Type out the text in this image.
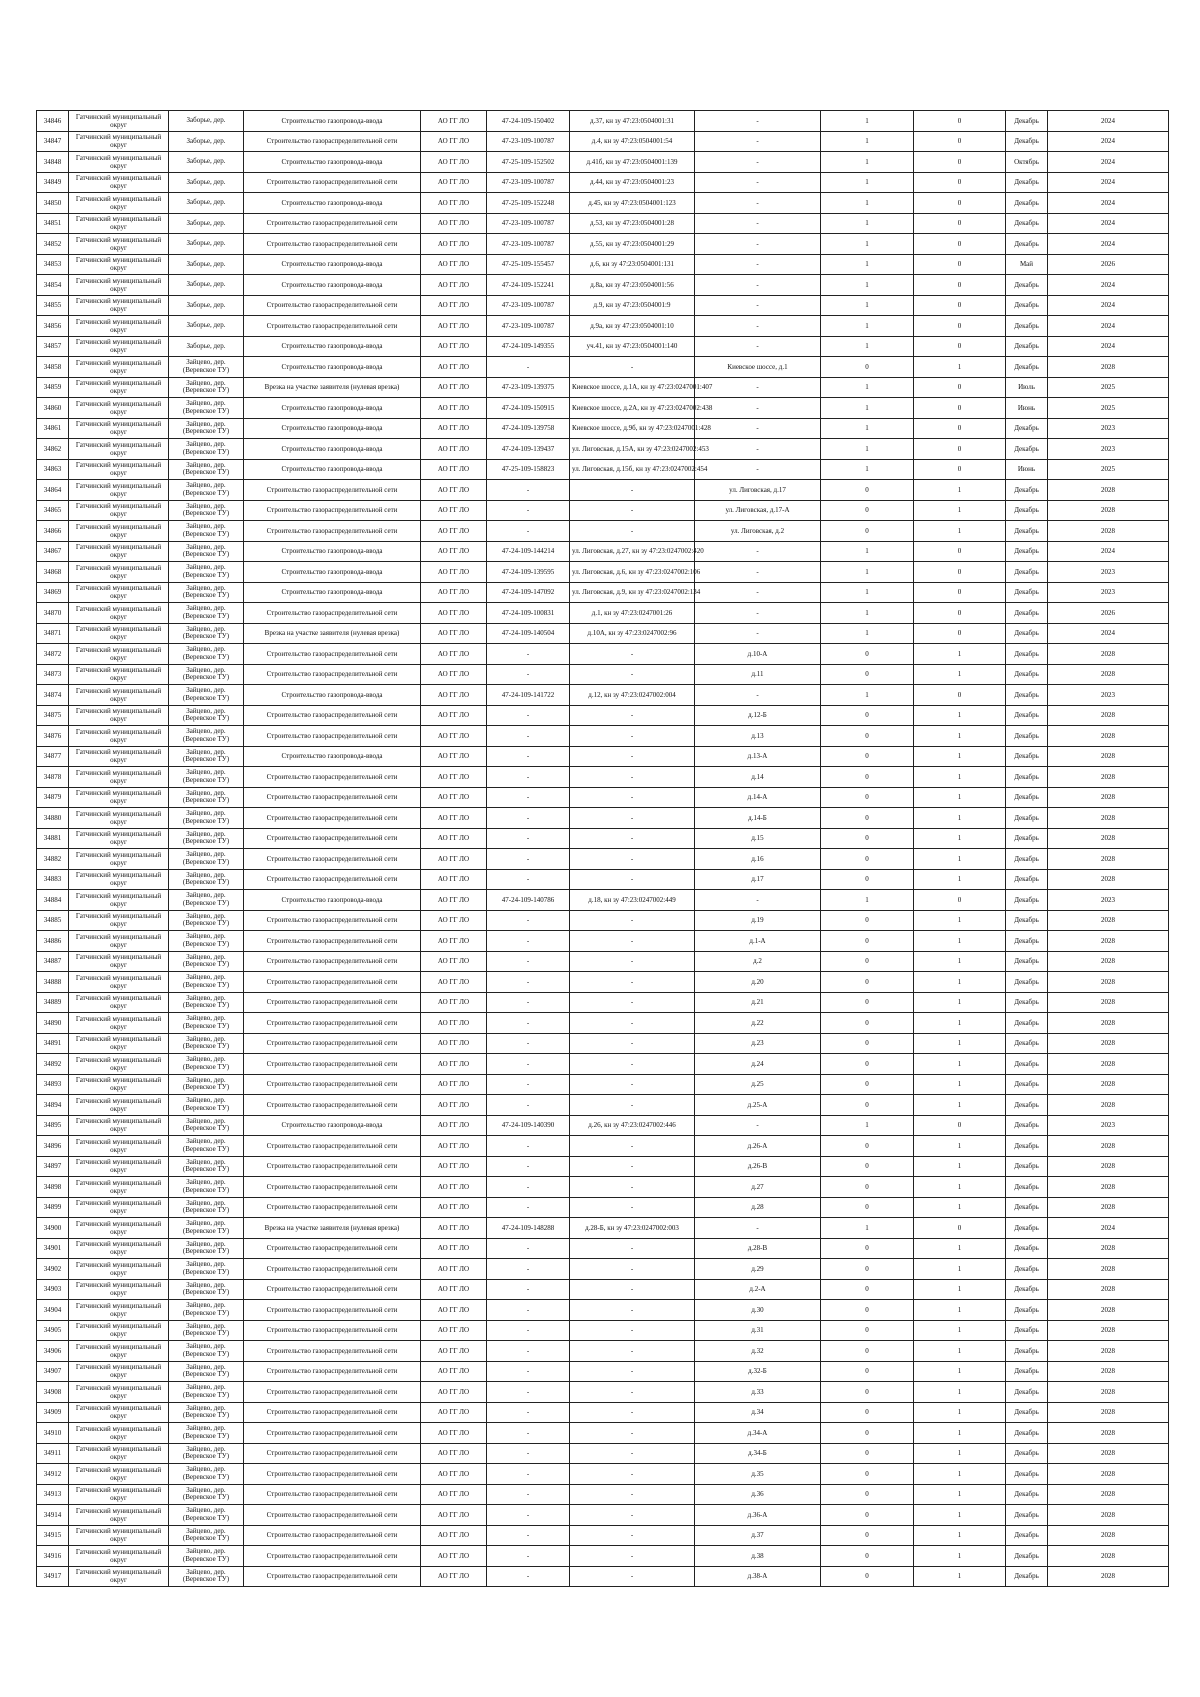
34846	Гатчинский муниципальный округ	Заборье, дер.	Строительство газопровода-ввода	АО ГГ ЛО	47-24-109-150402	д.37, кн зу 47:23:0504001:31	-	1	0	Декабрь	2024
34847	Гатчинский муниципальный округ	Заборье, дер.	Строительство газораспределительной сети	АО ГГ ЛО	47-23-109-100787	д.4, кн зу 47:23:0504001:54	-	1	0	Декабрь	2024
34848	Гатчинский муниципальный округ	Заборье, дер.	Строительство газопровода-ввода	АО ГГ ЛО	47-25-109-152502	д.41б, кн зу 47:23:0504001:139	-	1	0	Октябрь	2024
34849	Гатчинский муниципальный округ	Заборье, дер.	Строительство газораспределительной сети	АО ГГ ЛО	47-23-109-100787	д.44, кн зу 47:23:0504001:23	-	1	0	Декабрь	2024
34850	Гатчинский муниципальный округ	Заборье, дер.	Строительство газопровода-ввода	АО ГГ ЛО	47-25-109-152248	д.45, кн зу 47:23:0504001:123	-	1	0	Декабрь	2024
34851	Гатчинский муниципальный округ	Заборье, дер.	Строительство газораспределительной сети	АО ГГ ЛО	47-23-109-100787	д.53, кн зу 47:23:0504001:28	-	1	0	Декабрь	2024
34852	Гатчинский муниципальный округ	Заборье, дер.	Строительство газораспределительной сети	АО ГГ ЛО	47-23-109-100787	д.55, кн зу 47:23:0504001:29	-	1	0	Декабрь	2024
34853	Гатчинский муниципальный округ	Заборье, дер.	Строительство газопровода-ввода	АО ГГ ЛО	47-25-109-155457	д.6, кн зу 47:23:0504001:131	-	1	0	Май	2026
34854	Гатчинский муниципальный округ	Заборье, дер.	Строительство газопровода-ввода	АО ГГ ЛО	47-24-109-152241	д.8а, кн зу 47:23:0504001:56	-	1	0	Декабрь	2024
34855	Гатчинский муниципальный округ	Заборье, дер.	Строительство газораспределительной сети	АО ГГ ЛО	47-23-109-100787	д.9, кн зу 47:23:0504001:9	-	1	0	Декабрь	2024
34856	Гатчинский муниципальный округ	Заборье, дер.	Строительство газораспределительной сети	АО ГГ ЛО	47-23-109-100787	д.9а, кн зу 47:23:0504001:10	-	1	0	Декабрь	2024
34857	Гатчинский муниципальный округ	Заборье, дер.	Строительство газопровода-ввода	АО ГГ ЛО	47-24-109-149355	уч.41, кн зу 47:23:0504001:140	-	1	0	Декабрь	2024
34858	Гатчинский муниципальный округ	Зайцево, дер. (Веревское ТУ)	Строительство газопровода-ввода	АО ГГ ЛО	-	-	Киевское шоссе, д.1	0	1	Декабрь	2028
34859	Гатчинский муниципальный округ	Зайцево, дер. (Веревское ТУ)	Врезка на участке заявителя (нулевая врезка)	АО ГГ ЛО	47-23-109-139375	Киевское шоссе, д.1А, кн зу 47:23:0247001:407	-	1	0	Июль	2025
34860	Гатчинский муниципальный округ	Зайцево, дер. (Веревское ТУ)	Строительство газопровода-ввода	АО ГГ ЛО	47-24-109-150915	Киевское шоссе, д.2А, кн зу 47:23:0247002:438	-	1	0	Июнь	2025
34861	Гатчинский муниципальный округ	Зайцево, дер. (Веревское ТУ)	Строительство газопровода-ввода	АО ГГ ЛО	47-24-109-139758	Киевское шоссе, д.9б, кн зу 47:23:0247001:428	-	1	0	Декабрь	2023
34862	Гатчинский муниципальный округ	Зайцево, дер. (Веревское ТУ)	Строительство газопровода-ввода	АО ГГ ЛО	47-24-109-139437	ул. Лиговская, д.15А, кн зу 47:23:0247002:453	-	1	0	Декабрь	2023
34863	Гатчинский муниципальный округ	Зайцево, дер. (Веревское ТУ)	Строительство газопровода-ввода	АО ГГ ЛО	47-25-109-158823	ул. Лиговская, д.15б, кн зу 47:23:0247002:454	-	1	0	Июнь	2025
34864	Гатчинский муниципальный округ	Зайцево, дер. (Веревское ТУ)	Строительство газораспределительной сети	АО ГГ ЛО	-	-	ул. Лиговская, д.17	0	1	Декабрь	2028
34865	Гатчинский муниципальный округ	Зайцево, дер. (Веревское ТУ)	Строительство газораспределительной сети	АО ГГ ЛО	-	-	ул. Лиговская, д.17-А	0	1	Декабрь	2028
34866	Гатчинский муниципальный округ	Зайцево, дер. (Веревское ТУ)	Строительство газораспределительной сети	АО ГГ ЛО	-	-	ул. Лиговская, д.2	0	1	Декабрь	2028
34867	Гатчинский муниципальный округ	Зайцево, дер. (Веревское ТУ)	Строительство газопровода-ввода	АО ГГ ЛО	47-24-109-144214	ул. Лиговская, д.27, кн зу 47:23:0247002:420	-	1	0	Декабрь	2024
34868	Гатчинский муниципальный округ	Зайцево, дер. (Веревское ТУ)	Строительство газопровода-ввода	АО ГГ ЛО	47-24-109-139595	ул. Лиговская, д.6, кн зу 47:23:0247002:106	-	1	0	Декабрь	2023
34869	Гатчинский муниципальный округ	Зайцево, дер. (Веревское ТУ)	Строительство газопровода-ввода	АО ГГ ЛО	47-24-109-147092	ул. Лиговская, д.9, кн зу 47:23:0247002:134	-	1	0	Декабрь	2023
34870	Гатчинский муниципальный округ	Зайцево, дер. (Веревское ТУ)	Строительство газораспределительной сети	АО ГГ ЛО	47-24-109-100831	д.1, кн зу 47:23:0247001:26	-	1	0	Декабрь	2026
34871	Гатчинский муниципальный округ	Зайцево, дер. (Веревское ТУ)	Врезка на участке заявителя (нулевая врезка)	АО ГГ ЛО	47-24-109-140504	д.10А, кн зу 47:23:0247002:96	-	1	0	Декабрь	2024
34872	Гатчинский муниципальный округ	Зайцево, дер. (Веревское ТУ)	Строительство газораспределительной сети	АО ГГ ЛО	-	-	д.10-А	0	1	Декабрь	2028
34873	Гатчинский муниципальный округ	Зайцево, дер. (Веревское ТУ)	Строительство газораспределительной сети	АО ГГ ЛО	-	-	д.11	0	1	Декабрь	2028
34874	Гатчинский муниципальный округ	Зайцево, дер. (Веревское ТУ)	Строительство газопровода-ввода	АО ГГ ЛО	47-24-109-141722	д.12, кн зу 47:23:0247002:004	-	1	0	Декабрь	2023
34875	Гатчинский муниципальный округ	Зайцево, дер. (Веревское ТУ)	Строительство газораспределительной сети	АО ГГ ЛО	-	-	д.12-Б	0	1	Декабрь	2028
34876	Гатчинский муниципальный округ	Зайцево, дер. (Веревское ТУ)	Строительство газораспределительной сети	АО ГГ ЛО	-	-	д.13	0	1	Декабрь	2028
34877	Гатчинский муниципальный округ	Зайцево, дер. (Веревское ТУ)	Строительство газопровода-ввода	АО ГГ ЛО	-	-	д.13-А	0	1	Декабрь	2028
34878	Гатчинский муниципальный округ	Зайцево, дер. (Веревское ТУ)	Строительство газораспределительной сети	АО ГГ ЛО	-	-	д.14	0	1	Декабрь	2028
34879	Гатчинский муниципальный округ	Зайцево, дер. (Веревское ТУ)	Строительство газораспределительной сети	АО ГГ ЛО	-	-	д.14-А	0	1	Декабрь	2028
34880	Гатчинский муниципальный округ	Зайцево, дер. (Веревское ТУ)	Строительство газораспределительной сети	АО ГГ ЛО	-	-	д.14-Б	0	1	Декабрь	2028
34881	Гатчинский муниципальный округ	Зайцево, дер. (Веревское ТУ)	Строительство газораспределительной сети	АО ГГ ЛО	-	-	д.15	0	1	Декабрь	2028
34882	Гатчинский муниципальный округ	Зайцево, дер. (Веревское ТУ)	Строительство газораспределительной сети	АО ГГ ЛО	-	-	д.16	0	1	Декабрь	2028
34883	Гатчинский муниципальный округ	Зайцево, дер. (Веревское ТУ)	Строительство газораспределительной сети	АО ГГ ЛО	-	-	д.17	0	1	Декабрь	2028
34884	Гатчинский муниципальный округ	Зайцево, дер. (Веревское ТУ)	Строительство газопровода-ввода	АО ГГ ЛО	47-24-109-140786	д.18, кн зу 47:23:0247002:449	-	1	0	Декабрь	2023
34885	Гатчинский муниципальный округ	Зайцево, дер. (Веревское ТУ)	Строительство газораспределительной сети	АО ГГ ЛО	-	-	д.19	0	1	Декабрь	2028
34886	Гатчинский муниципальный округ	Зайцево, дер. (Веревское ТУ)	Строительство газораспределительной сети	АО ГГ ЛО	-	-	д.1-А	0	1	Декабрь	2028
34887	Гатчинский муниципальный округ	Зайцево, дер. (Веревское ТУ)	Строительство газораспределительной сети	АО ГГ ЛО	-	-	д.2	0	1	Декабрь	2028
34888	Гатчинский муниципальный округ	Зайцево, дер. (Веревское ТУ)	Строительство газораспределительной сети	АО ГГ ЛО	-	-	д.20	0	1	Декабрь	2028
34889	Гатчинский муниципальный округ	Зайцево, дер. (Веревское ТУ)	Строительство газораспределительной сети	АО ГГ ЛО	-	-	д.21	0	1	Декабрь	2028
34890	Гатчинский муниципальный округ	Зайцево, дер. (Веревское ТУ)	Строительство газораспределительной сети	АО ГГ ЛО	-	-	д.22	0	1	Декабрь	2028
34891	Гатчинский муниципальный округ	Зайцево, дер. (Веревское ТУ)	Строительство газораспределительной сети	АО ГГ ЛО	-	-	д.23	0	1	Декабрь	2028
34892	Гатчинский муниципальный округ	Зайцево, дер. (Веревское ТУ)	Строительство газораспределительной сети	АО ГГ ЛО	-	-	д.24	0	1	Декабрь	2028
34893	Гатчинский муниципальный округ	Зайцево, дер. (Веревское ТУ)	Строительство газораспределительной сети	АО ГГ ЛО	-	-	д.25	0	1	Декабрь	2028
34894	Гатчинский муниципальный округ	Зайцево, дер. (Веревское ТУ)	Строительство газораспределительной сети	АО ГГ ЛО	-	-	д.25-А	0	1	Декабрь	2028
34895	Гатчинский муниципальный округ	Зайцево, дер. (Веревское ТУ)	Строительство газопровода-ввода	АО ГГ ЛО	47-24-109-140390	д.26, кн зу 47:23:0247002:446	-	1	0	Декабрь	2023
34896	Гатчинский муниципальный округ	Зайцево, дер. (Веревское ТУ)	Строительство газораспределительной сети	АО ГГ ЛО	-	-	д.26-А	0	1	Декабрь	2028
34897	Гатчинский муниципальный округ	Зайцево, дер. (Веревское ТУ)	Строительство газораспределительной сети	АО ГГ ЛО	-	-	д.26-В	0	1	Декабрь	2028
34898	Гатчинский муниципальный округ	Зайцево, дер. (Веревское ТУ)	Строительство газораспределительной сети	АО ГГ ЛО	-	-	д.27	0	1	Декабрь	2028
34899	Гатчинский муниципальный округ	Зайцево, дер. (Веревское ТУ)	Строительство газораспределительной сети	АО ГГ ЛО	-	-	д.28	0	1	Декабрь	2028
34900	Гатчинский муниципальный округ	Зайцево, дер. (Веревское ТУ)	Врезка на участке заявителя (нулевая врезка)	АО ГГ ЛО	47-24-109-148288	д.28-Б, кн зу 47:23:0247002:003	-	1	0	Декабрь	2024
34901	Гатчинский муниципальный округ	Зайцево, дер. (Веревское ТУ)	Строительство газораспределительной сети	АО ГГ ЛО	-	-	д.28-В	0	1	Декабрь	2028
34902	Гатчинский муниципальный округ	Зайцево, дер. (Веревское ТУ)	Строительство газораспределительной сети	АО ГГ ЛО	-	-	д.29	0	1	Декабрь	2028
34903	Гатчинский муниципальный округ	Зайцево, дер. (Веревское ТУ)	Строительство газораспределительной сети	АО ГГ ЛО	-	-	д.2-А	0	1	Декабрь	2028
34904	Гатчинский муниципальный округ	Зайцево, дер. (Веревское ТУ)	Строительство газораспределительной сети	АО ГГ ЛО	-	-	д.30	0	1	Декабрь	2028
34905	Гатчинский муниципальный округ	Зайцево, дер. (Веревское ТУ)	Строительство газораспределительной сети	АО ГГ ЛО	-	-	д.31	0	1	Декабрь	2028
34906	Гатчинский муниципальный округ	Зайцево, дер. (Веревское ТУ)	Строительство газораспределительной сети	АО ГГ ЛО	-	-	д.32	0	1	Декабрь	2028
34907	Гатчинский муниципальный округ	Зайцево, дер. (Веревское ТУ)	Строительство газораспределительной сети	АО ГГ ЛО	-	-	д.32-Б	0	1	Декабрь	2028
34908	Гатчинский муниципальный округ	Зайцево, дер. (Веревское ТУ)	Строительство газораспределительной сети	АО ГГ ЛО	-	-	д.33	0	1	Декабрь	2028
34909	Гатчинский муниципальный округ	Зайцево, дер. (Веревское ТУ)	Строительство газораспределительной сети	АО ГГ ЛО	-	-	д.34	0	1	Декабрь	2028
34910	Гатчинский муниципальный округ	Зайцево, дер. (Веревское ТУ)	Строительство газораспределительной сети	АО ГГ ЛО	-	-	д.34-А	0	1	Декабрь	2028
34911	Гатчинский муниципальный округ	Зайцево, дер. (Веревское ТУ)	Строительство газораспределительной сети	АО ГГ ЛО	-	-	д.34-Б	0	1	Декабрь	2028
34912	Гатчинский муниципальный округ	Зайцево, дер. (Веревское ТУ)	Строительство газораспределительной сети	АО ГГ ЛО	-	-	д.35	0	1	Декабрь	2028
34913	Гатчинский муниципальный округ	Зайцево, дер. (Веревское ТУ)	Строительство газораспределительной сети	АО ГГ ЛО	-	-	д.36	0	1	Декабрь	2028
34914	Гатчинский муниципальный округ	Зайцево, дер. (Веревское ТУ)	Строительство газораспределительной сети	АО ГГ ЛО	-	-	д.36-А	0	1	Декабрь	2028
34915	Гатчинский муниципальный округ	Зайцево, дер. (Веревское ТУ)	Строительство газораспределительной сети	АО ГГ ЛО	-	-	д.37	0	1	Декабрь	2028
34916	Гатчинский муниципальный округ	Зайцево, дер. (Веревское ТУ)	Строительство газораспределительной сети	АО ГГ ЛО	-	-	д.38	0	1	Декабрь	2028
34917	Гатчинский муниципальный округ	Зайцево, дер. (Веревское ТУ)	Строительство газораспределительной сети	АО ГГ ЛО	-	-	д.38-А	0	1	Декабрь	2028
